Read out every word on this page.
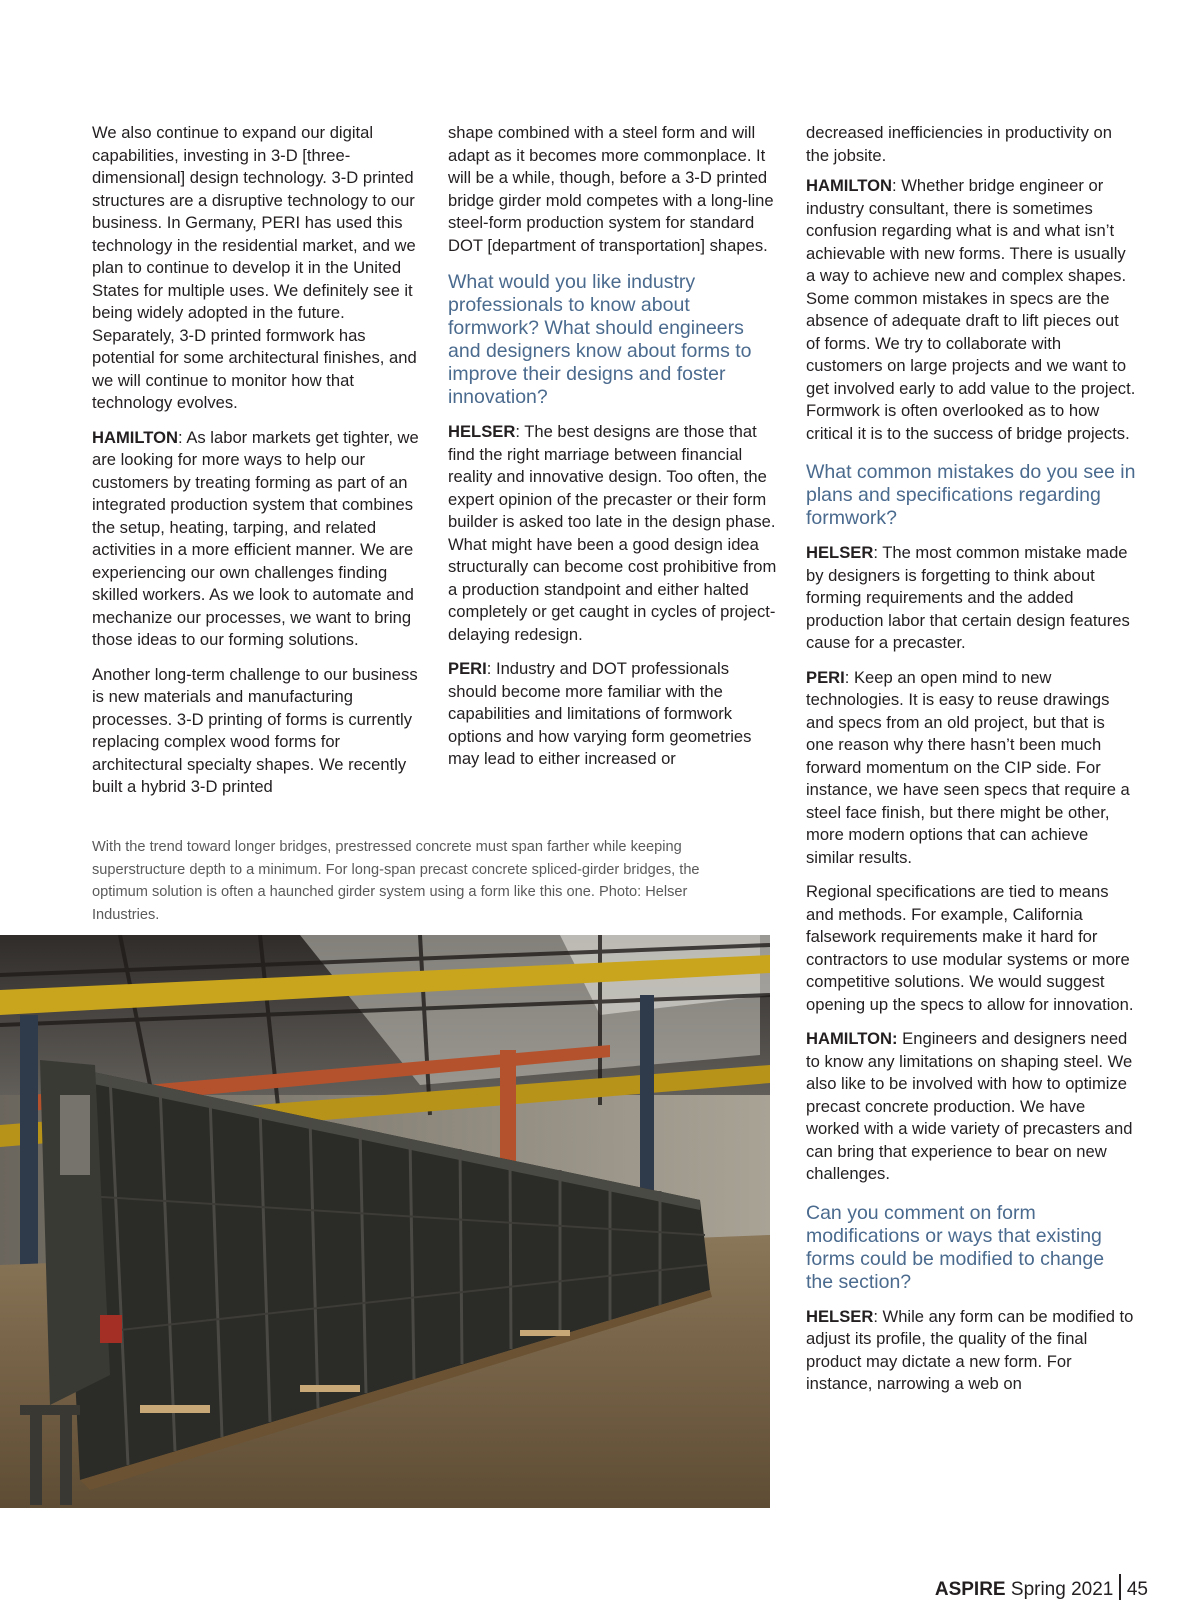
We also continue to expand our digital capabilities, investing in 3-D [three-dimensional] design technology. 3-D printed structures are a disruptive technology to our business. In Germany, PERI has used this technology in the residential market, and we plan to continue to develop it in the United States for multiple uses. We definitely see it being widely adopted in the future. Separately, 3-D printed formwork has potential for some architectural finishes, and we will continue to monitor how that technology evolves.

HAMILTON: As labor markets get tighter, we are looking for more ways to help our customers by treating forming as part of an integrated production system that combines the setup, heating, tarping, and related activities in a more efficient manner. We are experiencing our own challenges finding skilled workers. As we look to automate and mechanize our processes, we want to bring those ideas to our forming solutions.

Another long-term challenge to our business is new materials and manufacturing processes. 3-D printing of forms is currently replacing complex wood forms for architectural specialty shapes. We recently built a hybrid 3-D printed

shape combined with a steel form and will adapt as it becomes more commonplace. It will be a while, though, before a 3-D printed bridge girder mold competes with a long-line steel-form production system for standard DOT [department of transportation] shapes.

What would you like industry professionals to know about formwork? What should engineers and designers know about forms to improve their designs and foster innovation?

HELSER: The best designs are those that find the right marriage between financial reality and innovative design. Too often, the expert opinion of the precaster or their form builder is asked too late in the design phase. What might have been a good design idea structurally can become cost prohibitive from a production standpoint and either halted completely or get caught in cycles of project-delaying redesign.

PERI: Industry and DOT professionals should become more familiar with the capabilities and limitations of formwork options and how varying form geometries may lead to either increased or

decreased inefficiencies in productivity on the jobsite.

HAMILTON: Whether bridge engineer or industry consultant, there is sometimes confusion regarding what is and what isn’t achievable with new forms. There is usually a way to achieve new and complex shapes. Some common mistakes in specs are the absence of adequate draft to lift pieces out of forms. We try to collaborate with customers on large projects and we want to get involved early to add value to the project. Formwork is often overlooked as to how critical it is to the success of bridge projects.

What common mistakes do you see in plans and specifications regarding formwork?

HELSER: The most common mistake made by designers is forgetting to think about forming requirements and the added production labor that certain design features cause for a precaster.

PERI: Keep an open mind to new technologies. It is easy to reuse drawings and specs from an old project, but that is one reason why there hasn’t been much forward momentum on the CIP side. For instance, we have seen specs that require a steel face finish, but there might be other, more modern options that can achieve similar results.

Regional specifications are tied to means and methods. For example, California falsework requirements make it hard for contractors to use modular systems or more competitive solutions. We would suggest opening up the specs to allow for innovation.

HAMILTON: Engineers and designers need to know any limitations on shaping steel. We also like to be involved with how to optimize precast concrete production. We have worked with a wide variety of precasters and can bring that experience to bear on new challenges.

Can you comment on form modifications or ways that existing forms could be modified to change the section?

HELSER: While any form can be modified to adjust its profile, the quality of the final product may dictate a new form. For instance, narrowing a web on

With the trend toward longer bridges, prestressed concrete must span farther while keeping superstructure depth to a minimum. For long-span precast concrete spliced-girder bridges, the optimum solution is often a haunched girder system using a form like this one. Photo: Helser Industries.
ASPIRE Spring 2021 45
